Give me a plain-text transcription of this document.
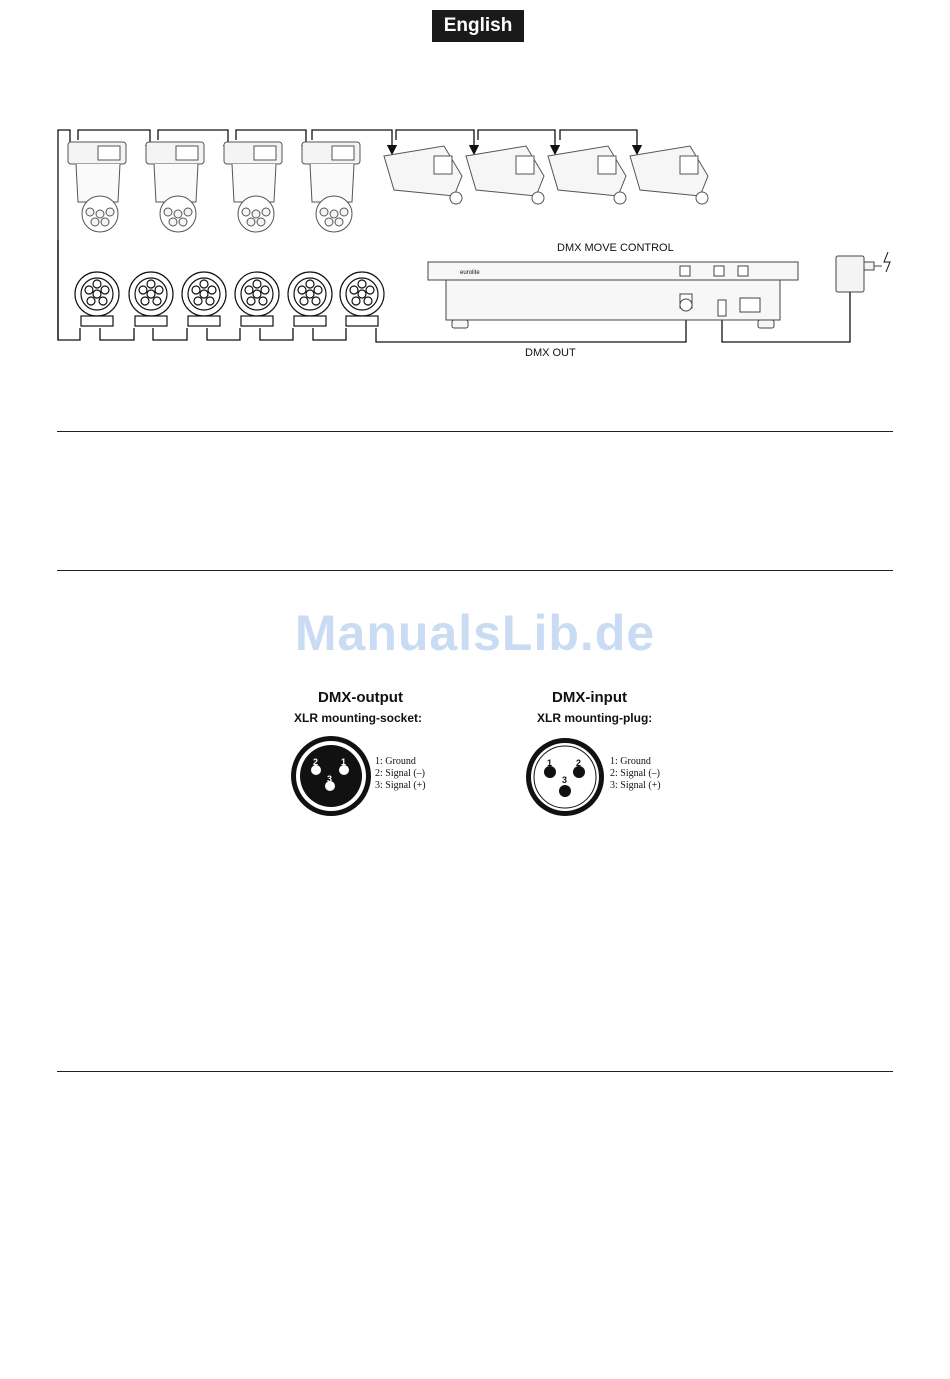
English
eurolite
DMX MOVE CONTROL
DMX OUT
ManualsLib.de
DMX-output
XLR mounting-socket:
2	1
3
1: Ground
2: Signal (–)
3: Signal (+)
DMX-input
XLR mounting-plug:
1	2
3
1: Ground
2: Signal (–)
3: Signal (+)
